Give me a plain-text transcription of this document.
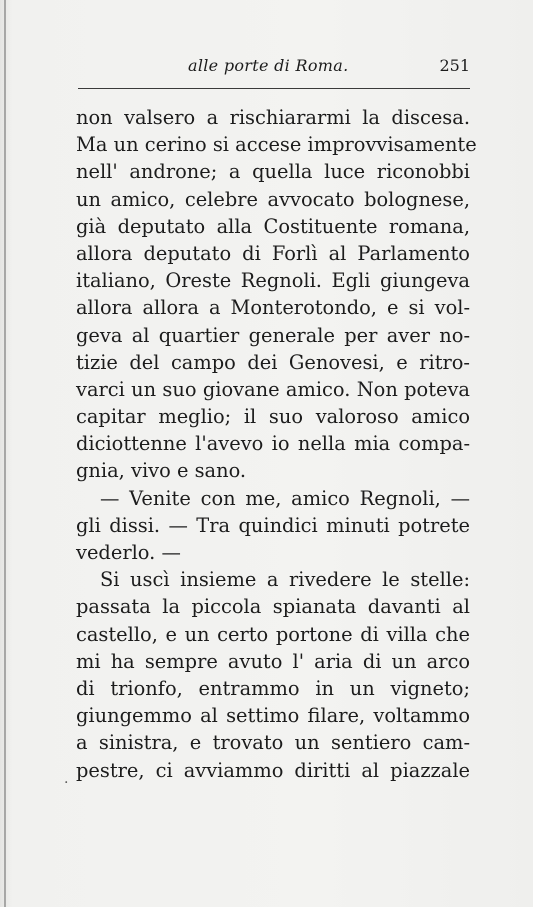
alle porte di Roma.	251
non valsero a rischiararmi la discesa.
Ma un cerino si accese improvvisamente
nell' androne; a quella luce riconobbi
un amico, celebre avvocato bolognese,
già deputato alla Costituente romana,
allora deputato di Forlì al Parlamento
italiano, Oreste Regnoli. Egli giungeva
allora allora a Monterotondo, e si vol-
geva al quartier generale per aver no-
tizie del campo dei Genovesi, e ritro-
varci un suo giovane amico. Non poteva
capitar meglio; il suo valoroso amico
diciottenne l'avevo io nella mia compa-
gnia, vivo e sano.
— Venite con me, amico Regnoli, —
gli dissi. — Tra quindici minuti potrete
vederlo. —
Si uscì insieme a rivedere le stelle:
passata la piccola spianata davanti al
castello, e un certo portone di villa che
mi ha sempre avuto l' aria di un arco
di trionfo, entrammo in un vigneto;
giungemmo al settimo filare, voltammo
a sinistra, e trovato un sentiero cam-
pestre, ci avviammo diritti al piazzale
.
